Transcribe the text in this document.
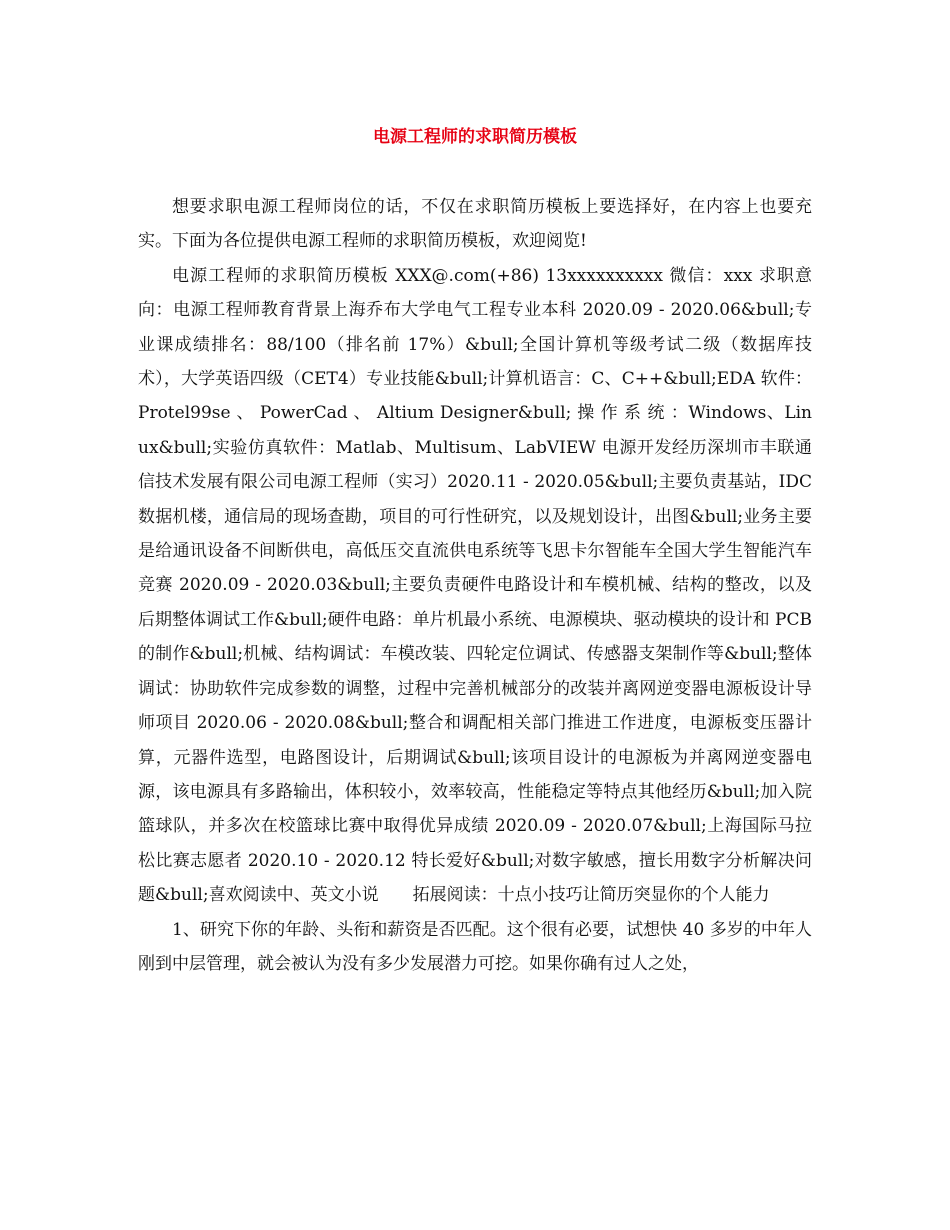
电源工程师的求职简历模板

想要求职电源工程师岗位的话，不仅在求职简历模板上要选择好，在内容上也要充实。下面为各位提供电源工程师的求职简历模板，欢迎阅览!

电源工程师的求职简历模板 XXX@.com(+86) 13xxxxxxxxxx 微信：xxx 求职意向：电源工程师教育背景上海乔布大学电气工程专业本科 2020.09 - 2020.06&bull;专业课成绩排名：88/100（排名前 17%）&bull;全国计算机等级考试二级（数据库技术），大学英语四级（CET4）专业技能&bull;计算机语言：C、C++&bull;EDA 软件：Protel99se 、 PowerCad 、 Altium Designer&bull; 操 作 系 统 ：Windows、Linux&bull;实验仿真软件：Matlab、Multisum、LabVIEW 电源开发经历深圳市丰联通信技术发展有限公司电源工程师（实习）2020.11 - 2020.05&bull;主要负责基站，IDC 数据机楼，通信局的现场查勘，项目的可行性研究，以及规划设计，出图&bull;业务主要是给通讯设备不间断供电，高低压交直流供电系统等飞思卡尔智能车全国大学生智能汽车竞赛 2020.09 - 2020.03&bull;主要负责硬件电路设计和车模机械、结构的整改，以及后期整体调试工作&bull;硬件电路：单片机最小系统、电源模块、驱动模块的设计和 PCB 的制作&bull;机械、结构调试：车模改装、四轮定位调试、传感器支架制作等&bull;整体调试：协助软件完成参数的调整，过程中完善机械部分的改装并离网逆变器电源板设计导师项目 2020.06 - 2020.08&bull;整合和调配相关部门推进工作进度，电源板变压器计算，元器件选型，电路图设计，后期调试&bull;该项目设计的电源板为并离网逆变器电源，该电源具有多路输出，体积较小，效率较高，性能稳定等特点其他经历&bull;加入院篮球队，并多次在校篮球比赛中取得优异成绩 2020.09 - 2020.07&bull;上海国际马拉松比赛志愿者 2020.10 - 2020.12 特长爱好&bull;对数字敏感，擅长用数字分析解决问题&bull;喜欢阅读中、英文小说　　拓展阅读：十点小技巧让简历突显你的个人能力

1、研究下你的年龄、头衔和薪资是否匹配。这个很有必要，试想快 40 多岁的中年人刚到中层管理，就会被认为没有多少发展潜力可挖。如果你确有过人之处，
